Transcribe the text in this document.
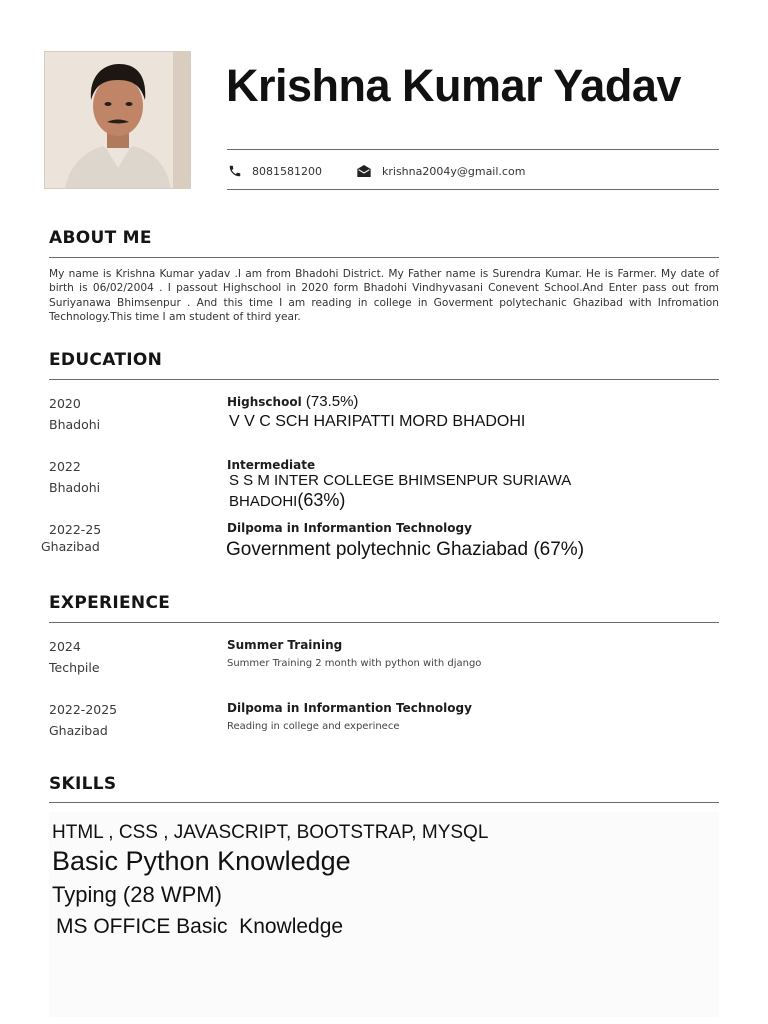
Krishna Kumar Yadav
8081581200	krishna2004y@gmail.com
ABOUT ME
My name is Krishna Kumar yadav .I am from Bhadohi District. My Father name is Surendra Kumar. He is Farmer. My date of birth is 06/02/2004 . I passout Highschool in 2020 form Bhadohi Vindhyvasani Conevent School.And Enter pass out from Suriyanawa Bhimsenpur . And this time I am reading in college in Goverment polytechanic Ghazibad with Infromation Technology.This time I am student of third year.
EDUCATION
2020
Bhadohi
Highschool (73.5%)
V V C SCH HARIPATTI MORD BHADOHI
2022
Bhadohi
Intermediate
S S M INTER COLLEGE BHIMSENPUR SURIAWA
BHADOHI(63%)
2022-25
Ghazibad
Dilpoma in Informantion Technology
Government polytechnic Ghaziabad (67%)
EXPERIENCE
2024
Techpile
Summer Training
Summer Training 2 month with python with django
2022-2025
Ghazibad
Dilpoma in Informantion Technology
Reading in college and experinece
SKILLS
HTML , CSS , JAVASCRIPT, BOOTSTRAP, MYSQL
Basic Python Knowledge
Typing (28 WPM)
MS OFFICE Basic  Knowledge
